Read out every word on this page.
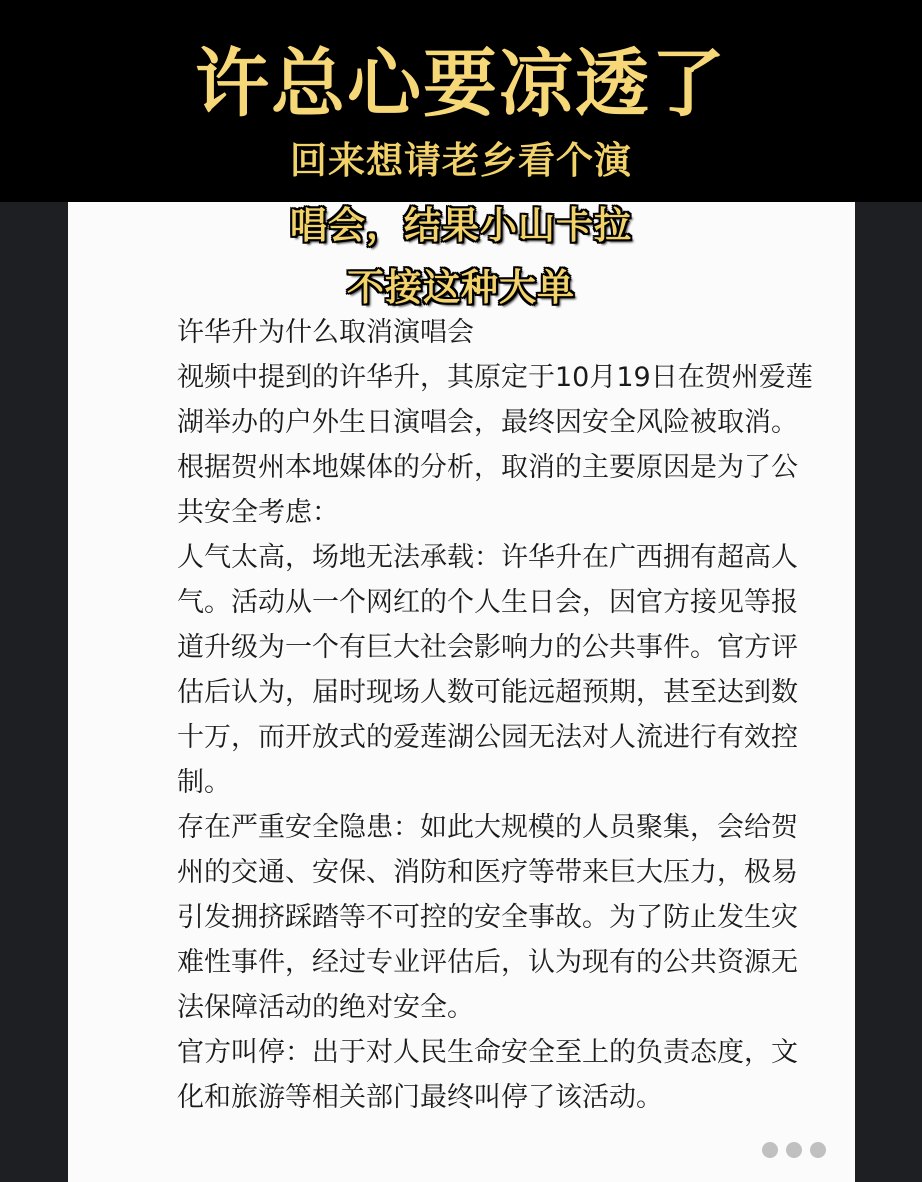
许总心要凉透了
回来想请老乡看个演
唱会，结果小山卡拉
不接这种大单

许华升为什么取消演唱会

视频中提到的许华升，其原定于10月19日在贺州爱莲湖举办的户外生日演唱会，最终因安全风险被取消。

根据贺州本地媒体的分析，取消的主要原因是为了公共安全考虑：

人气太高，场地无法承载：许华升在广西拥有超高人气。活动从一个网红的个人生日会，因官方接见等报道升级为一个有巨大社会影响力的公共事件。官方评估后认为，届时现场人数可能远超预期，甚至达到数十万，而开放式的爱莲湖公园无法对人流进行有效控制。

存在严重安全隐患：如此大规模的人员聚集，会给贺州的交通、安保、消防和医疗等带来巨大压力，极易引发拥挤踩踏等不可控的安全事故。为了防止发生灾难性事件，经过专业评估后，认为现有的公共资源无法保障活动的绝对安全。

官方叫停：出于对人民生命安全至上的负责态度，文化和旅游等相关部门最终叫停了该活动。
